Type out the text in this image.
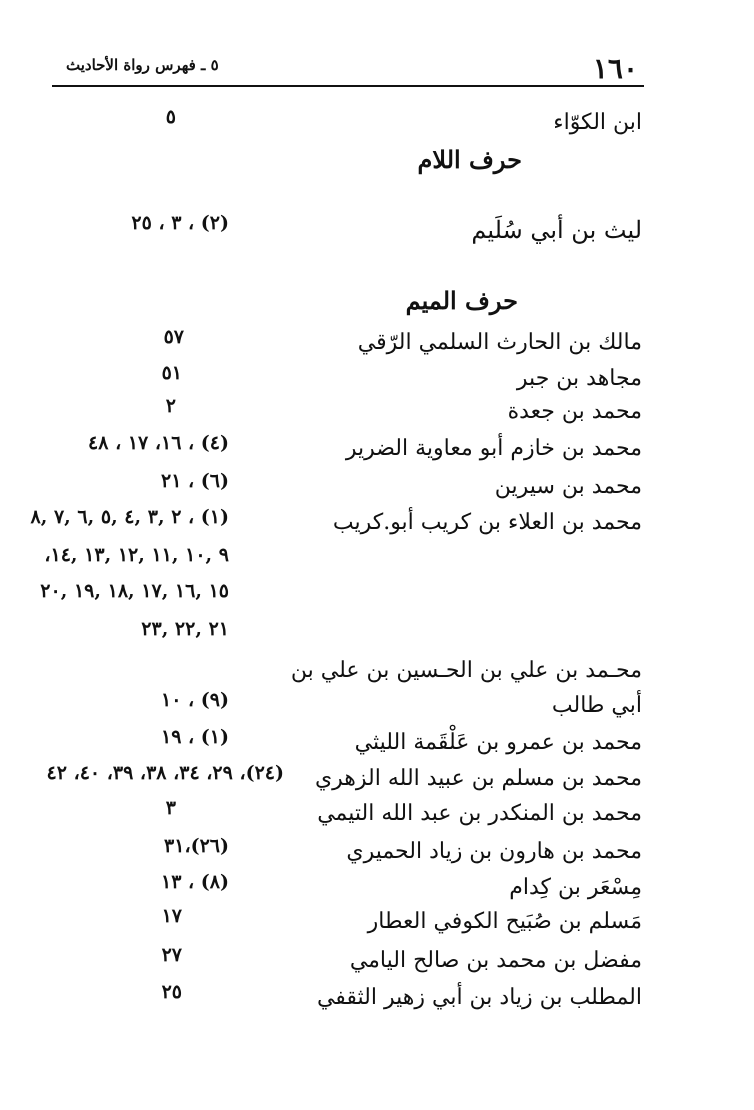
١٦٠
٥ ـ فهرس رواة الأحاديث
ابن الكوّاء
٥
حرف اللام
ليث بن أبي سُلَيم
(٢) ، ٣ ، ٢٥
حرف الميم
مالك بن الحارث السلمي الرّقي
٥٧
مجاهد بن جبر
٥١
محمد بن جعدة
٢
محمد بن خازم أبو معاوية الضرير
(٤) ، ١٦، ١٧ ، ٤٨
محمد بن سيرين
(٦) ، ٢١
محمد بن العلاء بن كريب أبو.كريب
(١) ، ٢ ,٣ ,٤ ,٥ ,٦ ,٧ ,٨
٩ ,١٠ ,١١ ,١٢ ,١٣ ,١٤،
١٥ ,١٦ ,١٧ ,١٨ ,١٩ ,٢٠
٢١ ,٢٢ ,٢٣
محـمد بن علي بن الحـسين بن علي بن
أبي طالب
(٩) ، ١٠
محمد بن عمرو بن عَلْقَمة الليثي
(١) ، ١٩
محمد بن مسلم بن عبيد الله الزهري
(٢٤)، ٢٩، ٣٤، ٣٨، ٣٩، ٤٠، ٤٢
محمد بن المنكدر بن عبد الله التيمي
٣
محمد بن هارون بن زياد الحميري
(٢٦)،٣١
مِسْعَر بن كِدام
(٨) ، ١٣
مَسلم بن صُبَيح الكوفي العطار
١٧
مفضل بن محمد بن صالح اليامي
٢٧
المطلب بن زياد بن أبي زهير الثقفي
٢٥
